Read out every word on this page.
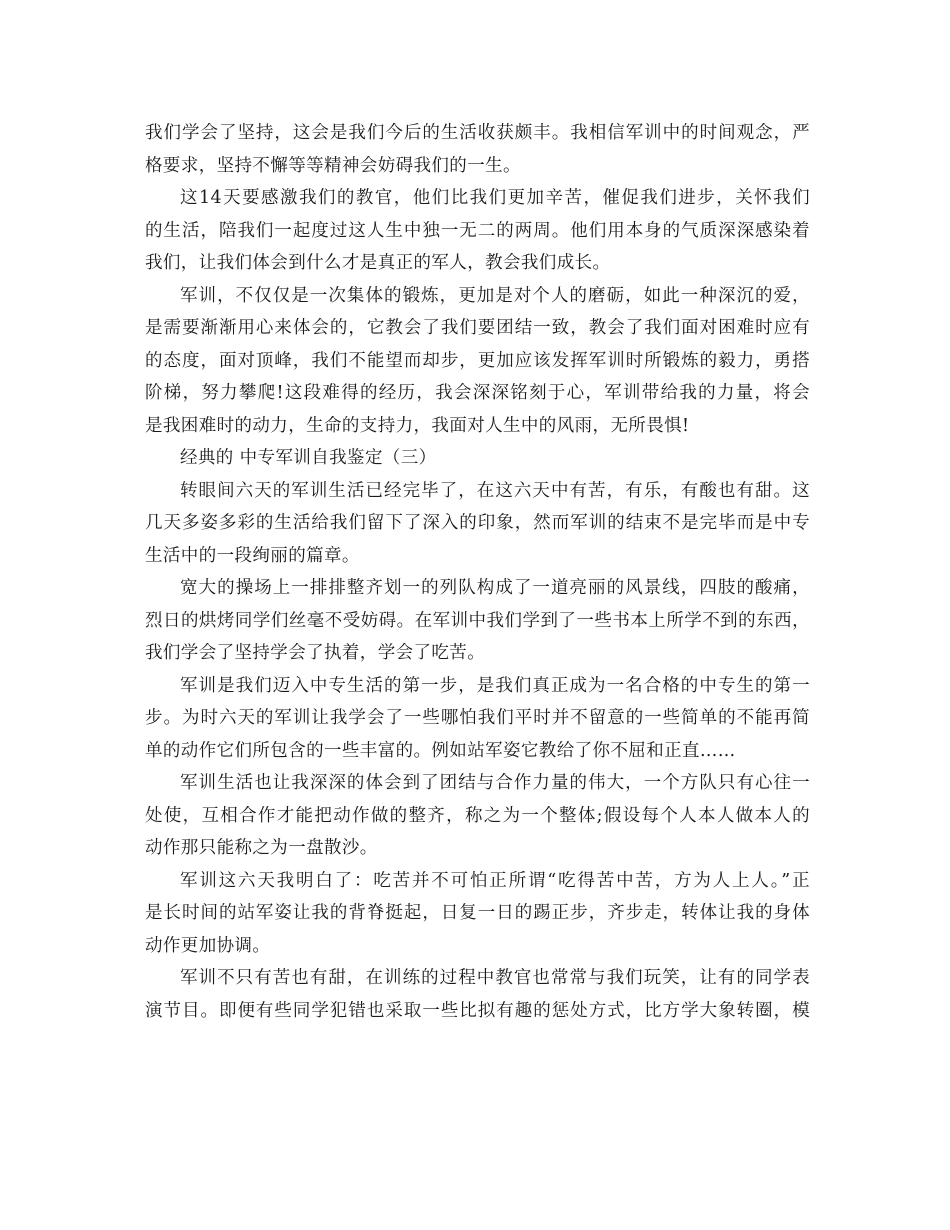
我们学会了坚持，这会是我们今后的生活收获颇丰。我相信军训中的时间观念，严
格要求，坚持不懈等等精神会妨碍我们的一生。
这14天要感激我们的教官，他们比我们更加辛苦，催促我们进步，关怀我们
的生活，陪我们一起度过这人生中独一无二的两周。他们用本身的气质深深感染着
我们，让我们体会到什么才是真正的军人，教会我们成长。
军训，不仅仅是一次集体的锻炼，更加是对个人的磨砺，如此一种深沉的爱，
是需要渐渐用心来体会的，它教会了我们要团结一致，教会了我们面对困难时应有
的态度，面对顶峰，我们不能望而却步，更加应该发挥军训时所锻炼的毅力，勇搭
阶梯，努力攀爬!这段难得的经历，我会深深铭刻于心，军训带给我的力量，将会
是我困难时的动力，生命的支持力，我面对人生中的风雨，无所畏惧!
经典的 中专军训自我鉴定（三）
转眼间六天的军训生活已经完毕了，在这六天中有苦，有乐，有酸也有甜。这
几天多姿多彩的生活给我们留下了深入的印象，然而军训的结束不是完毕而是中专
生活中的一段绚丽的篇章。
宽大的操场上一排排整齐划一的列队构成了一道亮丽的风景线，四肢的酸痛，
烈日的烘烤同学们丝毫不受妨碍。在军训中我们学到了一些书本上所学不到的东西，
我们学会了坚持学会了执着，学会了吃苦。
军训是我们迈入中专生活的第一步，是我们真正成为一名合格的中专生的第一
步。为时六天的军训让我学会了一些哪怕我们平时并不留意的一些简单的不能再简
单的动作它们所包含的一些丰富的。例如站军姿它教给了你不屈和正直……
军训生活也让我深深的体会到了团结与合作力量的伟大，一个方队只有心往一
处使，互相合作才能把动作做的整齐，称之为一个整体;假设每个人本人做本人的
动作那只能称之为一盘散沙。
军训这六天我明白了：吃苦并不可怕正所谓“吃得苦中苦，方为人上人。”正
是长时间的站军姿让我的背脊挺起，日复一日的踢正步，齐步走，转体让我的身体
动作更加协调。
军训不只有苦也有甜，在训练的过程中教官也常常与我们玩笑，让有的同学表
演节目。即便有些同学犯错也采取一些比拟有趣的惩处方式，比方学大象转圈，模
